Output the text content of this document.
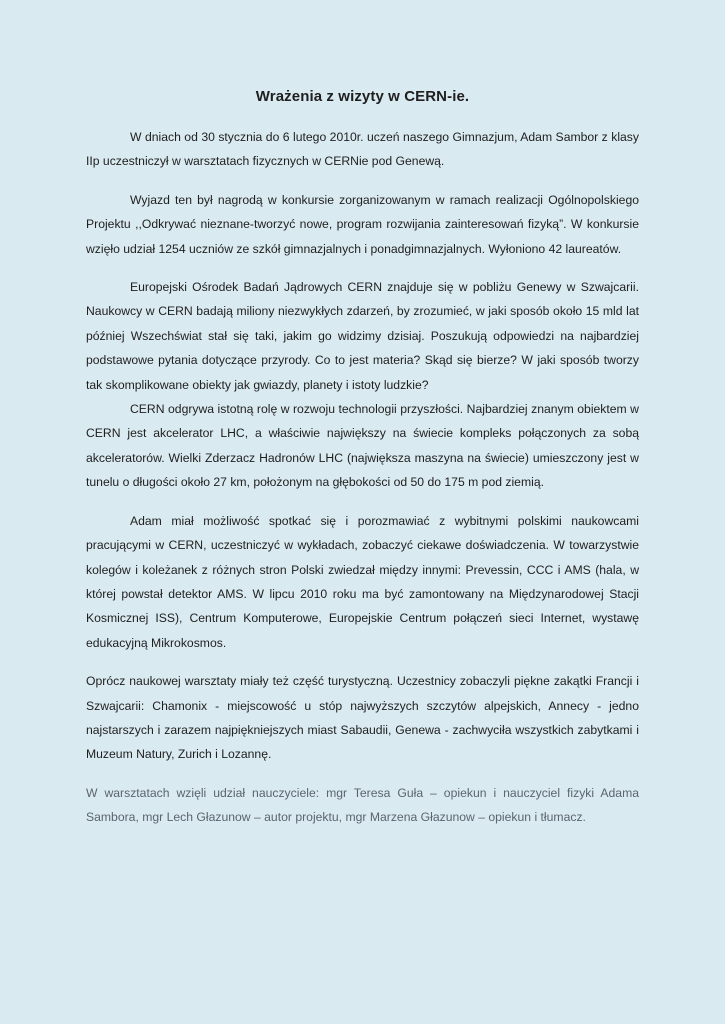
Wrażenia z wizyty w CERN-ie.

W dniach od 30 stycznia do 6 lutego 2010r. uczeń naszego Gimnazjum, Adam Sambor z klasy IIp uczestniczył w warsztatach fizycznych w CERNie pod Genewą.

Wyjazd ten był nagrodą w konkursie zorganizowanym w ramach realizacji Ogólnopolskiego Projektu ,,Odkrywać nieznane-tworzyć nowe, program rozwijania zainteresowań fizyką”. W konkursie wzięło udział 1254 uczniów ze szkół gimnazjalnych i ponadgimnazjalnych. Wyłoniono 42 laureatów.

Europejski Ośrodek Badań Jądrowych CERN znajduje się w pobliżu Genewy w Szwajcarii. Naukowcy w CERN badają miliony niezwykłych zdarzeń, by zrozumieć, w jaki sposób około 15 mld lat później Wszechświat stał się taki, jakim go widzimy dzisiaj. Poszukują odpowiedzi na najbardziej podstawowe pytania dotyczące przyrody. Co to jest materia? Skąd się bierze? W jaki sposób tworzy tak skomplikowane obiekty jak gwiazdy, planety i istoty ludzkie?

CERN odgrywa istotną rolę w rozwoju technologii przyszłości. Najbardziej znanym obiektem w CERN jest akcelerator LHC, a właściwie największy na świecie kompleks połączonych za sobą akceleratorów. Wielki Zderzacz Hadronów LHC (największa maszyna na świecie) umieszczony jest w tunelu o długości około 27 km, położonym na głębokości od 50 do 175 m pod ziemią.

Adam miał możliwość spotkać się i porozmawiać z wybitnymi polskimi naukowcami pracującymi w CERN, uczestniczyć w wykładach, zobaczyć ciekawe doświadczenia. W towarzystwie kolegów i koleżanek z różnych stron Polski zwiedzał między innymi: Prevessin, CCC i AMS (hala, w której powstał detektor AMS. W lipcu 2010 roku ma być zamontowany na Międzynarodowej Stacji Kosmicznej ISS), Centrum Komputerowe, Europejskie Centrum połączeń sieci Internet, wystawę edukacyjną Mikrokosmos.

Oprócz naukowej warsztaty miały też część turystyczną. Uczestnicy zobaczyli piękne zakątki Francji i Szwajcarii: Chamonix - miejscowość u stóp najwyższych szczytów alpejskich, Annecy - jedno najstarszych i zarazem najpiękniejszych miast Sabaudii, Genewa - zachwyciła wszystkich zabytkami i Muzeum Natury, Zurich i Lozannę.

W warsztatach wzięli udział nauczyciele: mgr Teresa Guła – opiekun i nauczyciel fizyki Adama Sambora, mgr Lech Głazunow – autor projektu, mgr Marzena Głazunow – opiekun i tłumacz.
